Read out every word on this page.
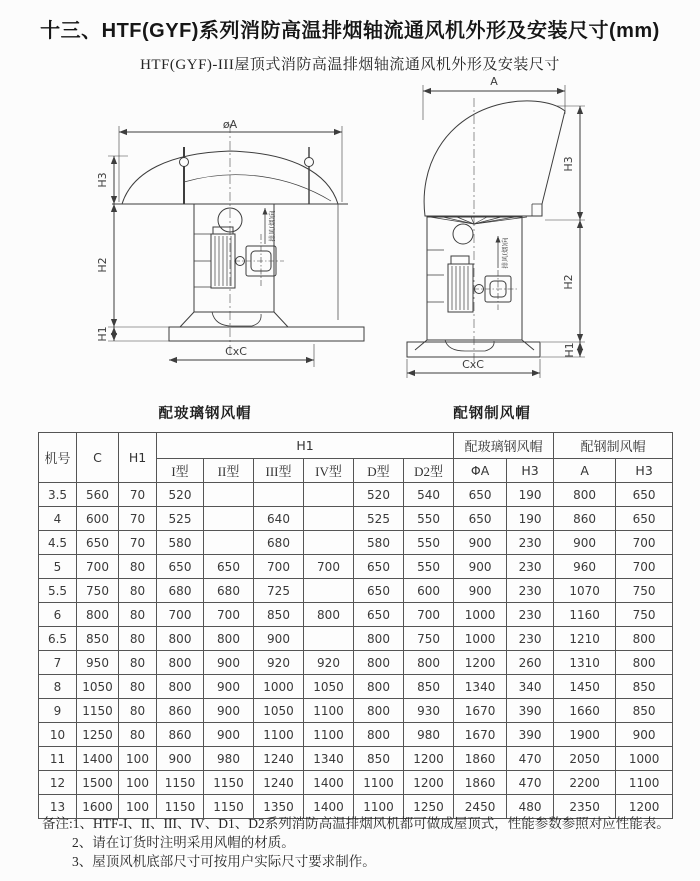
十三、HTF(GYF)系列消防高温排烟轴流通风机外形及安装尺寸(mm)
HTF(GYF)-III屋顶式消防高温排烟轴流通风机外形及安装尺寸
øA
H3
H2
H1
CxC
排风(烟)向
A
H3
H2
H1
CxC
排风(烟)向
配玻璃钢风帽	配钢制风帽
机号	C	H1	H1						配玻璃钢风帽		配钢制风帽	
			I型	II型	III型	IV型	D型	D2型	ΦA	H3	A	H3
3.5	560	70	520				520	540	650	190	800	650
4	600	70	525		640		525	550	650	190	860	650
4.5	650	70	580		680		580	550	900	230	900	700
5	700	80	650	650	700	700	650	550	900	230	960	700
5.5	750	80	680	680	725		650	600	900	230	1070	750
6	800	80	700	700	850	800	650	700	1000	230	1160	750
6.5	850	80	800	800	900		800	750	1000	230	1210	800
7	950	80	800	900	920	920	800	800	1200	260	1310	800
8	1050	80	800	900	1000	1050	800	850	1340	340	1450	850
9	1150	80	860	900	1050	1100	800	930	1670	390	1660	850
10	1250	80	860	900	1100	1100	800	980	1670	390	1900	900
11	1400	100	900	980	1240	1340	850	1200	1860	470	2050	1000
12	1500	100	1150	1150	1240	1400	1100	1200	1860	470	2200	1100
13	1600	100	1150	1150	1350	1400	1100	1250	2450	480	2350	1200
备注:1、HTF-I、II、III、IV、D1、D2系列消防高温排烟风机都可做成屋顶式，性能参数参照对应性能表。
2、请在订货时注明采用风帽的材质。
3、屋顶风机底部尺寸可按用户实际尺寸要求制作。
